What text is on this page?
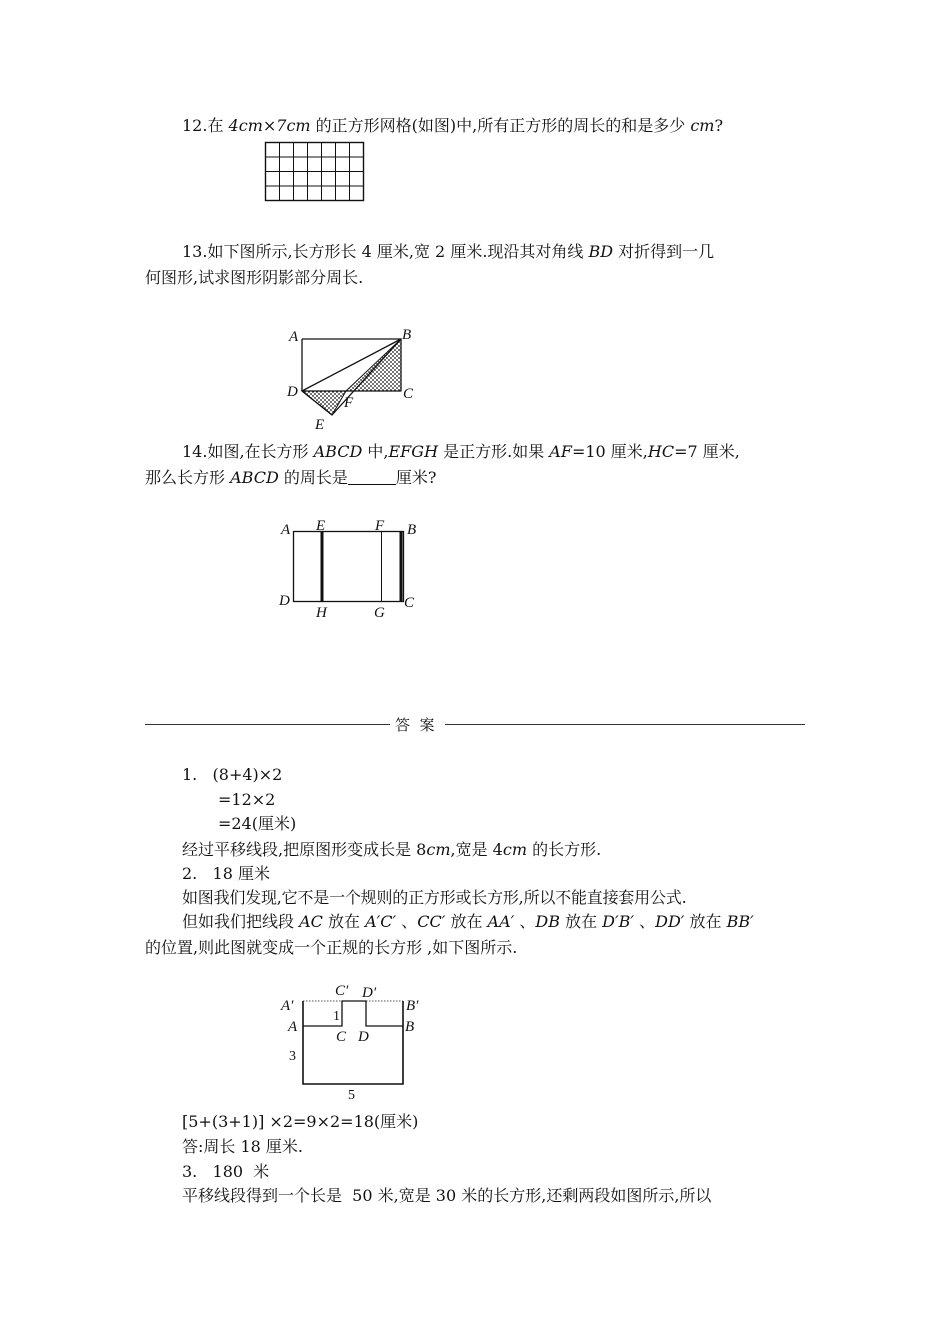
12.在 4cm×7cm 的正方形网格(如图)中,所有正方形的周长的和是多少 cm?
13.如下图所示,长方形长 4 厘米,宽 2 厘米.现沿其对角线 BD 对折得到一几
何图形,试求图形阴影部分周长.
A	B
D	C
F
E
14.如图,在长方形 ABCD 中,EFGH 是正方形.如果 AF=10 厘米,HC=7 厘米,
那么长方形 ABCD 的周长是	厘米?
A E	F B
D
H	G
C
答  案
1.   (8+4)×2
=12×2
=24(厘米)
经过平移线段,把原图形变成长是 8cm,宽是 4cm 的长方形.
2.   18 厘米
如图我们发现,它不是一个规则的正方形或长方形,所以不能直接套用公式.
但如我们把线段 AC 放在 A′C′ 、CC′ 放在 AA′ 、DB 放在 D′B′ 、DD′ 放在 BB′
的位置,则此图就变成一个正规的长方形 ,如下图所示.
C′ D′
A′	B′
1
A	B
C D
3
5
[5+(3+1)] ×2=9×2=18(厘米)
答:周长 18 厘米.
3.   180  米
平移线段得到一个长是  50 米,宽是 30 米的长方形,还剩两段如图所示,所以
